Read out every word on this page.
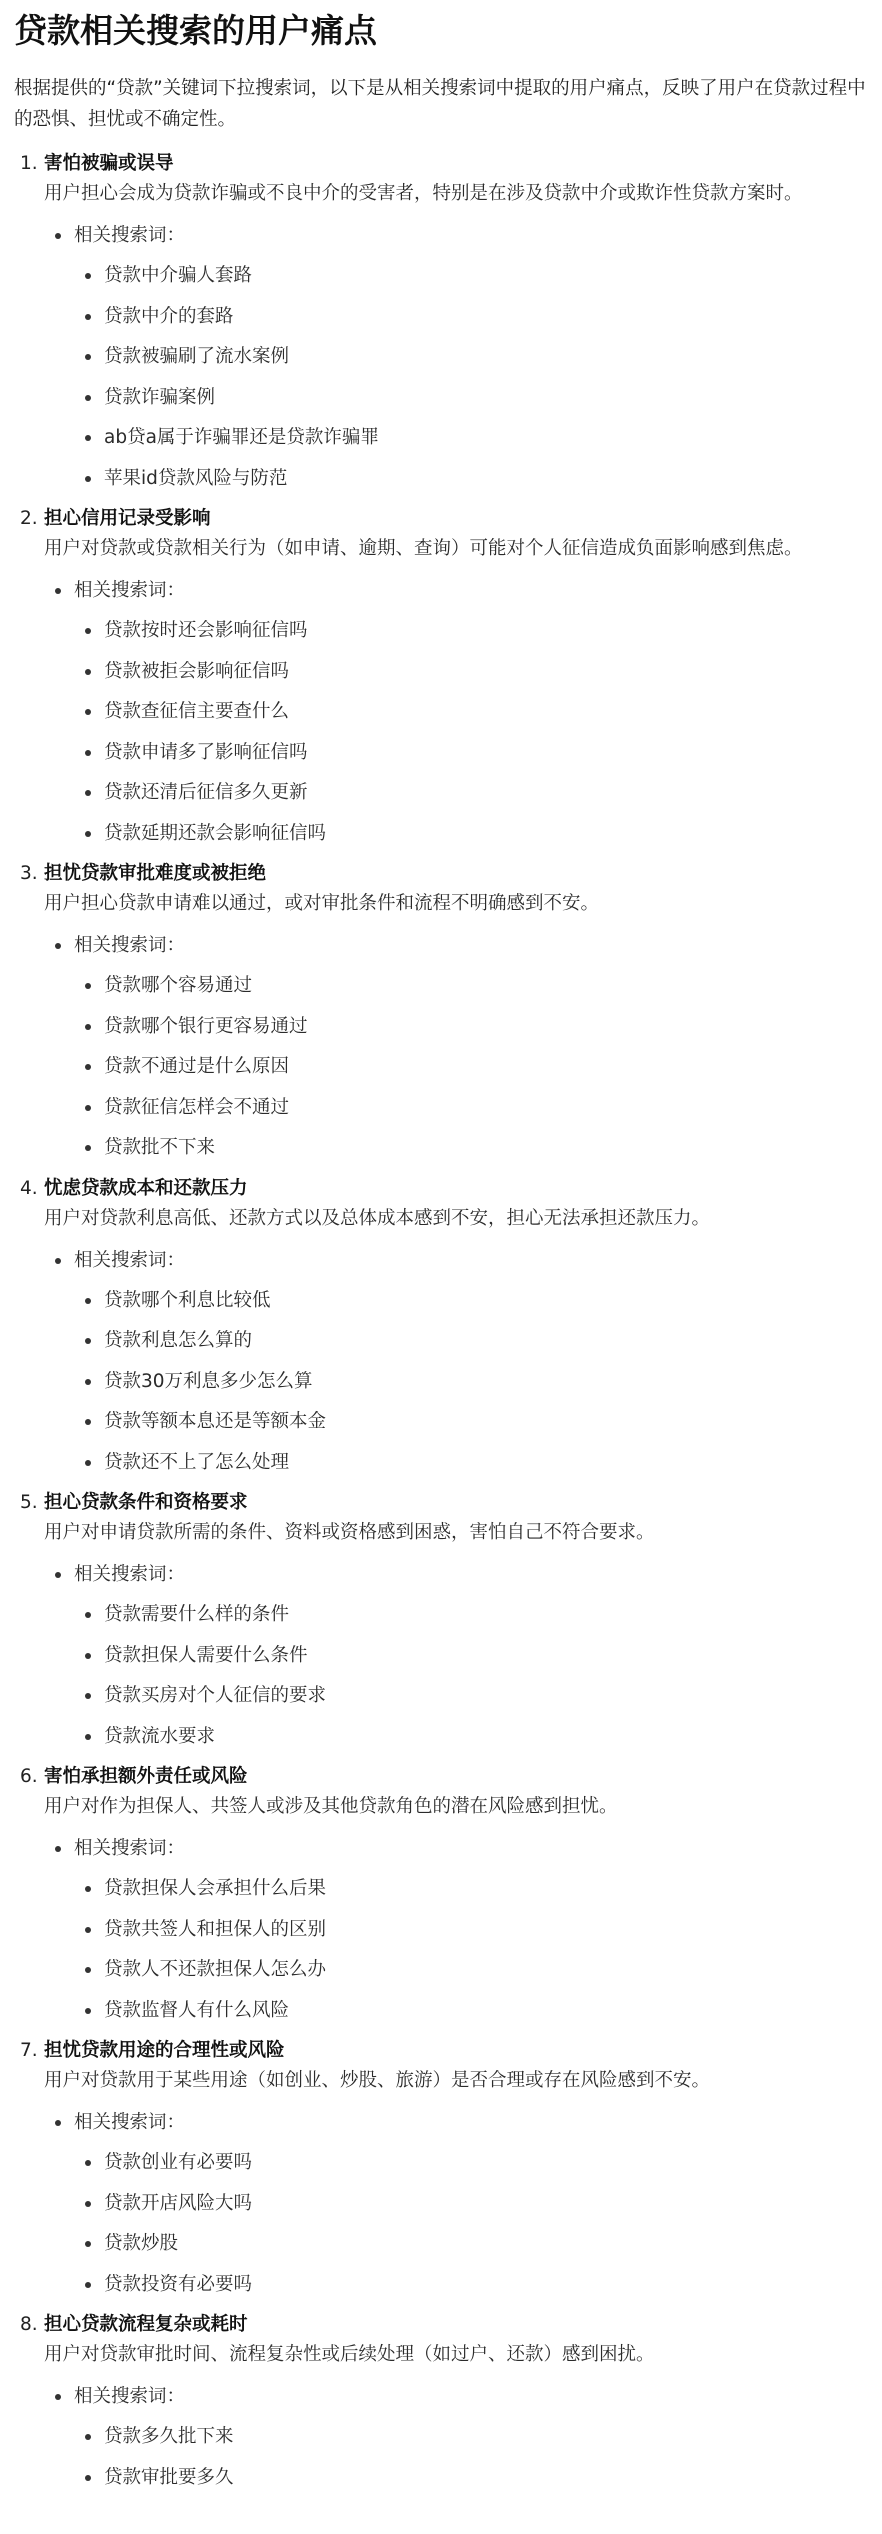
贷款相关搜索的用户痛点
根据提供的“贷款”关键词下拉搜索词，以下是从相关搜索词中提取的用户痛点，反映了用户在贷款过程中的恐惧、担忧或不确定性。
1. 害怕被骗或误导
用户担心会成为贷款诈骗或不良中介的受害者，特别是在涉及贷款中介或欺诈性贷款方案时。
相关搜索词：
贷款中介骗人套路
贷款中介的套路
贷款被骗刷了流水案例
贷款诈骗案例
ab贷a属于诈骗罪还是贷款诈骗罪
苹果id贷款风险与防范
2. 担心信用记录受影响
用户对贷款或贷款相关行为（如申请、逾期、查询）可能对个人征信造成负面影响感到焦虑。
相关搜索词：
贷款按时还会影响征信吗
贷款被拒会影响征信吗
贷款查征信主要查什么
贷款申请多了影响征信吗
贷款还清后征信多久更新
贷款延期还款会影响征信吗
3. 担忧贷款审批难度或被拒绝
用户担心贷款申请难以通过，或对审批条件和流程不明确感到不安。
相关搜索词：
贷款哪个容易通过
贷款哪个银行更容易通过
贷款不通过是什么原因
贷款征信怎样会不通过
贷款批不下来
4. 忧虑贷款成本和还款压力
用户对贷款利息高低、还款方式以及总体成本感到不安，担心无法承担还款压力。
相关搜索词：
贷款哪个利息比较低
贷款利息怎么算的
贷款30万利息多少怎么算
贷款等额本息还是等额本金
贷款还不上了怎么处理
5. 担心贷款条件和资格要求
用户对申请贷款所需的条件、资料或资格感到困惑，害怕自己不符合要求。
相关搜索词：
贷款需要什么样的条件
贷款担保人需要什么条件
贷款买房对个人征信的要求
贷款流水要求
6. 害怕承担额外责任或风险
用户对作为担保人、共签人或涉及其他贷款角色的潜在风险感到担忧。
相关搜索词：
贷款担保人会承担什么后果
贷款共签人和担保人的区别
贷款人不还款担保人怎么办
贷款监督人有什么风险
7. 担忧贷款用途的合理性或风险
用户对贷款用于某些用途（如创业、炒股、旅游）是否合理或存在风险感到不安。
相关搜索词：
贷款创业有必要吗
贷款开店风险大吗
贷款炒股
贷款投资有必要吗
8. 担心贷款流程复杂或耗时
用户对贷款审批时间、流程复杂性或后续处理（如过户、还款）感到困扰。
相关搜索词：
贷款多久批下来
贷款审批要多久
